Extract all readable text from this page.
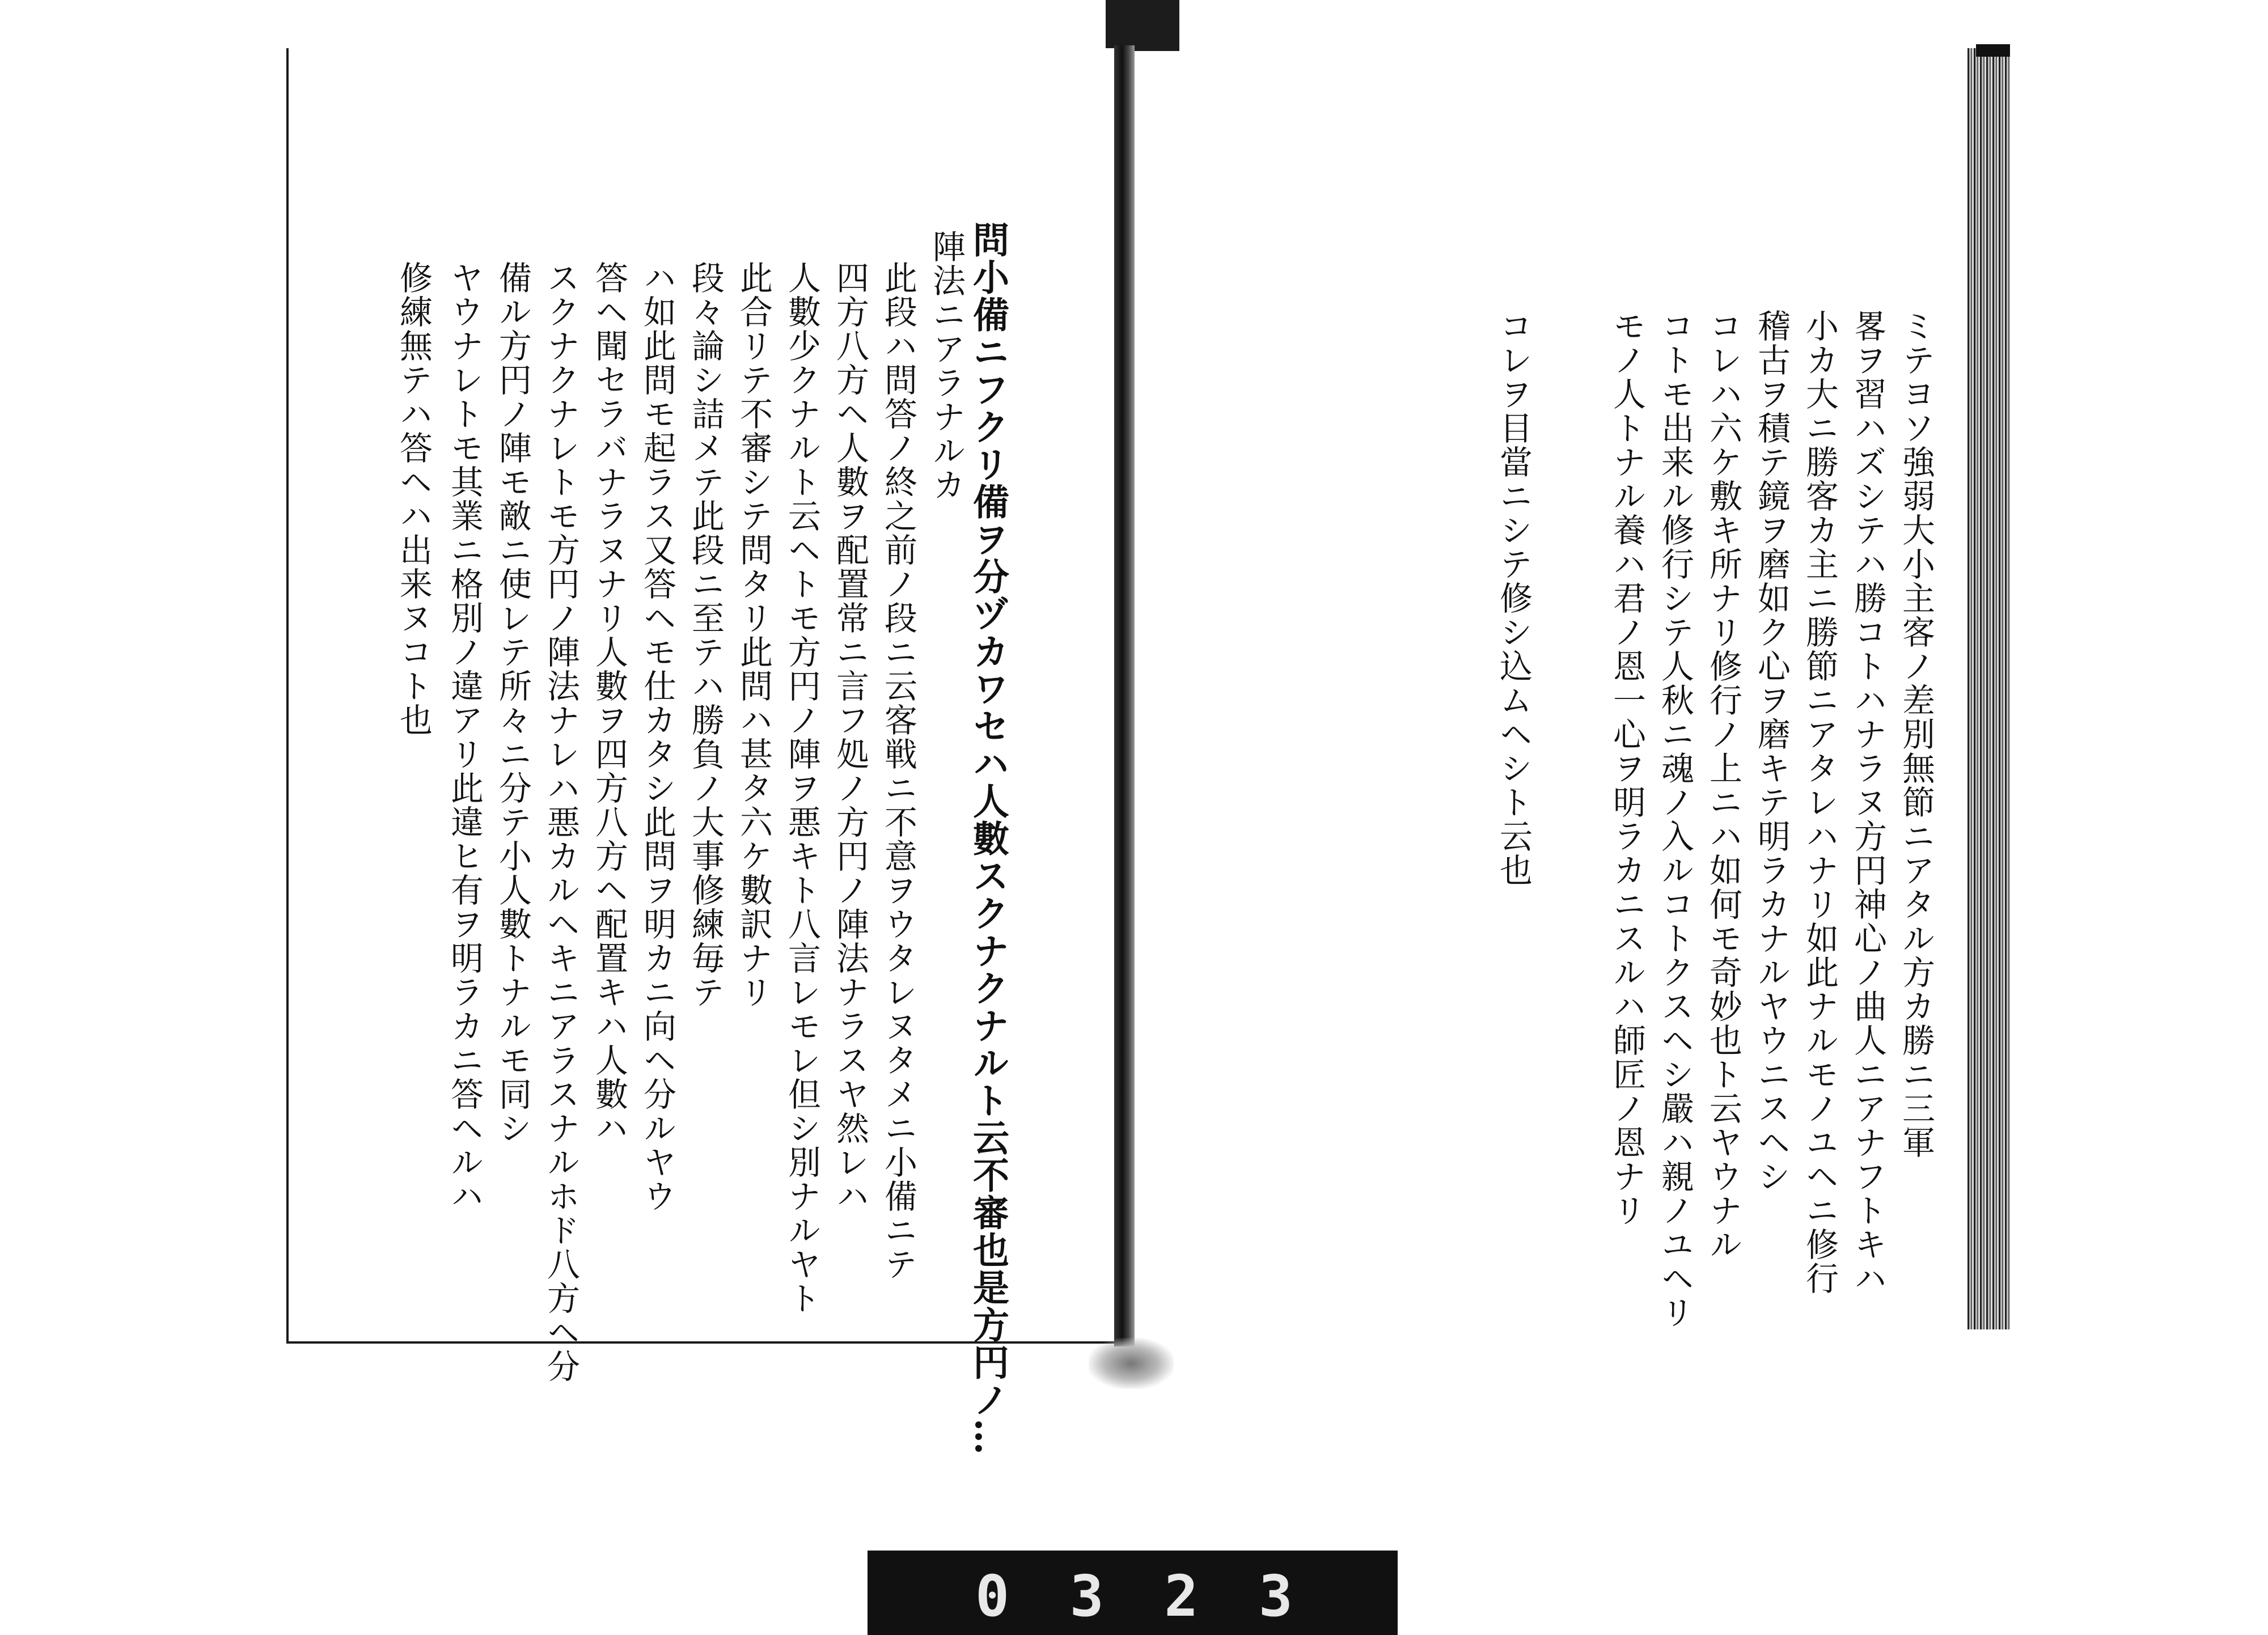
問小備ニフクリ備ヲ分ヅカワセハ人數スクナクナルト云不審也是方円ノ…
陣法ニアラナルカ
此段ハ問答ノ終之前ノ段ニ云客戦ニ不意ヲウタレヌタメニ小備ニテ
四方八方ヘ人數ヲ配置常ニ言フ処ノ方円ノ陣法ナラスヤ然レハ
人數少クナルト云ヘトモ方円ノ陣ヲ悪キト八言レモレ但シ別ナルヤト
此合リテ不審シテ問タリ此問ハ甚タ六ケ數訳ナリ
段々論シ詰メテ此段ニ至テハ勝負ノ大事修練毎テ
ハ如此問モ起ラス又答ヘモ仕カタシ此問ヲ明カニ向ヘ分ルヤウ
答ヘ聞セラバナラヌナリ人數ヲ四方八方ヘ配置キハ人數ハ
スクナクナレトモ方円ノ陣法ナレハ悪カルヘキニアラスナルホド八方ヘ分
備ル方円ノ陣モ敵ニ使レテ所々ニ分テ小人數トナルモ同シ
ヤウナレトモ其業ニ格別ノ違アリ此違ヒ有ヲ明ラカニ答ヘルハ
修練無テハ答ヘハ出来ヌコト也	ミテヨソ強弱大小主客ノ差別無節ニアタル方カ勝ニ三軍
畧ヲ習ハズシテハ勝コトハナラヌ方円神心ノ曲人ニアナフトキハ
小カ大ニ勝客カ主ニ勝節ニアタレハナリ如此ナルモノユヘニ修行
稽古ヲ積テ鏡ヲ磨如ク心ヲ磨キテ明ラカナルヤウニスヘシ
コレハ六ケ敷キ所ナリ修行ノ上ニハ如何モ奇妙也ト云ヤウナル
コトモ出来ル修行シテ人秋ニ魂ノ入ルコトクスヘシ嚴ハ親ノユヘリ
モノ人トナル養ハ君ノ恩一心ヲ明ラカニスルハ師匠ノ恩ナリ
コレヲ目當ニシテ修シ込ムヘシト云也
0 3 2 3
